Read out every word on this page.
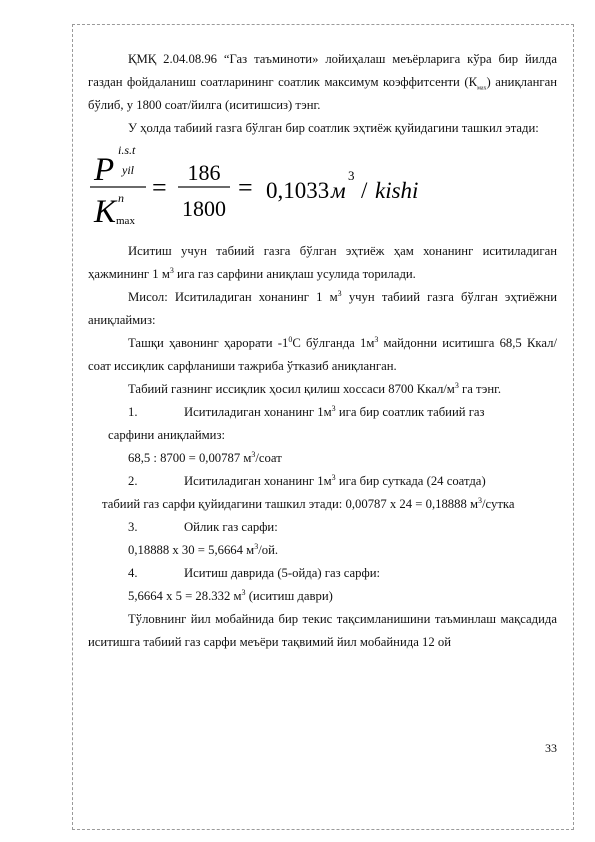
ҚМҚ 2.04.08.96 “Газ таъминоти» лойиҳалаш меъёрларига кўра бир йилда газдан фойдаланиш соатларининг соатлик максимум коэффитсенти $(К_{мах})$ аниқланган бўлиб, у 1800 соат/йилга (иситишсиз) тэнг.

У ҳолда табиий газга бўлган бир соатлик эҳтиёж қуйидагини ташкил этади:

P
i.s.t
yil
K n
max
=
186
1800
= 0,1033 м
3
/ kishi

Иситиш учун табиий газга бўлган эҳтиёж ҳам хонанинг иситиладиган ҳажмининг 1 $м^3$ ига газ сарфини аниқлаш усулида торилади.

Мисол: Иситиладиган хонанинг 1 $м^3$ учун табиий газга бўлган эҳтиёжни аниқлаймиз:

Ташқи ҳавонинг ҳарорати $-1^0С$ бўлганда $1м^3$ майдонни иситишга 68,5 Ккал/соат иссиқлик сарфланиши тажриба ўтказиб аниқланган.

Табиий газнинг иссиқлик ҳосил қилиш хоссаси 8700 Ккал/$м^3$ га тэнг.

1.	Иситиладиган хонанинг $1м^3$ ига бир соатлик табиий газ

сарфини аниқлаймиз:

68,5 : 8700 = 0,00787 $м^3$/соат

2.	Иситиладиган хонанинг $1м^3$ ига бир суткада (24 соатда)

табиий газ сарфи қуйидагини ташкил этади: 0,00787 x 24 = 0,18888 $м^3$/сутка

3.	Ойлик газ сарфи:

0,18888 x 30 = 5,6664 $м^3/ой$.

4.	Иситиш даврида (5-ойда) газ сарфи:

5,6664 x 5 = 28.332 $м^3$ (иситиш даври)

Тўловнинг йил мобайнида бир текис тақсимланишини таъминлаш мақсадида иситишга табиий газ сарфи меъёри тақвимий йил мобайнида 12 ой

33
